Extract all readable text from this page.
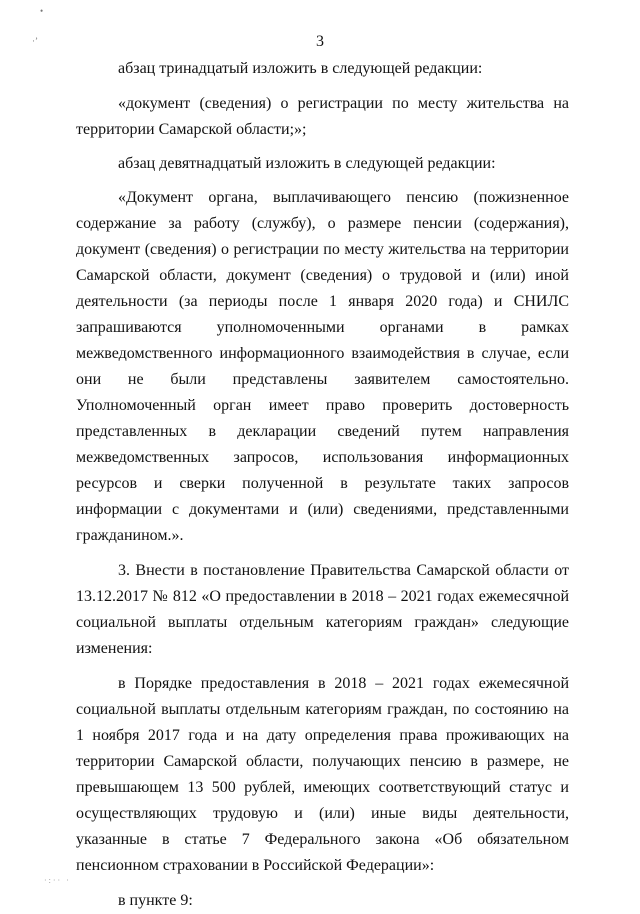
•
·ʼ
·:·· ·
3

абзац тринадцатый изложить в следующей редакции:

«документ (сведения) о регистрации по месту жительства на территории Самарской области;»;

абзац девятнадцатый изложить в следующей редакции:

«Документ органа, выплачивающего пенсию (пожизненное содержание за работу (службу), о размере пенсии (содержания), документ (сведения) о регистрации по месту жительства на территории Самарской области, документ (сведения) о трудовой и (или) иной деятельности (за периоды после 1 января 2020 года) и СНИЛС запрашиваются уполномоченными органами в рамках межведомственного информационного взаимодействия в случае, если они не были представлены заявителем самостоятельно. Уполномоченный орган имеет право проверить достоверность представленных в декларации сведений путем направления межведомственных запросов, использования информационных ресурсов и сверки полученной в результате таких запросов информации с документами и (или) сведениями, представленными гражданином.».

3. Внести в постановление Правительства Самарской области от 13.12.2017 № 812 «О предоставлении в 2018 – 2021 годах ежемесячной социальной выплаты отдельным категориям граждан» следующие изменения:

в Порядке предоставления в 2018 – 2021 годах ежемесячной социальной выплаты отдельным категориям граждан, по состоянию на 1 ноября 2017 года и на дату определения права проживающих на территории Самарской области, получающих пенсию в размере, не превышающем 13 500 рублей, имеющих соответствующий статус и осуществляющих трудовую и (или) иные виды деятельности, указанные в статье 7 Федерального закона «Об обязательном пенсионном страховании в Российской Федерации»:

в пункте 9:
